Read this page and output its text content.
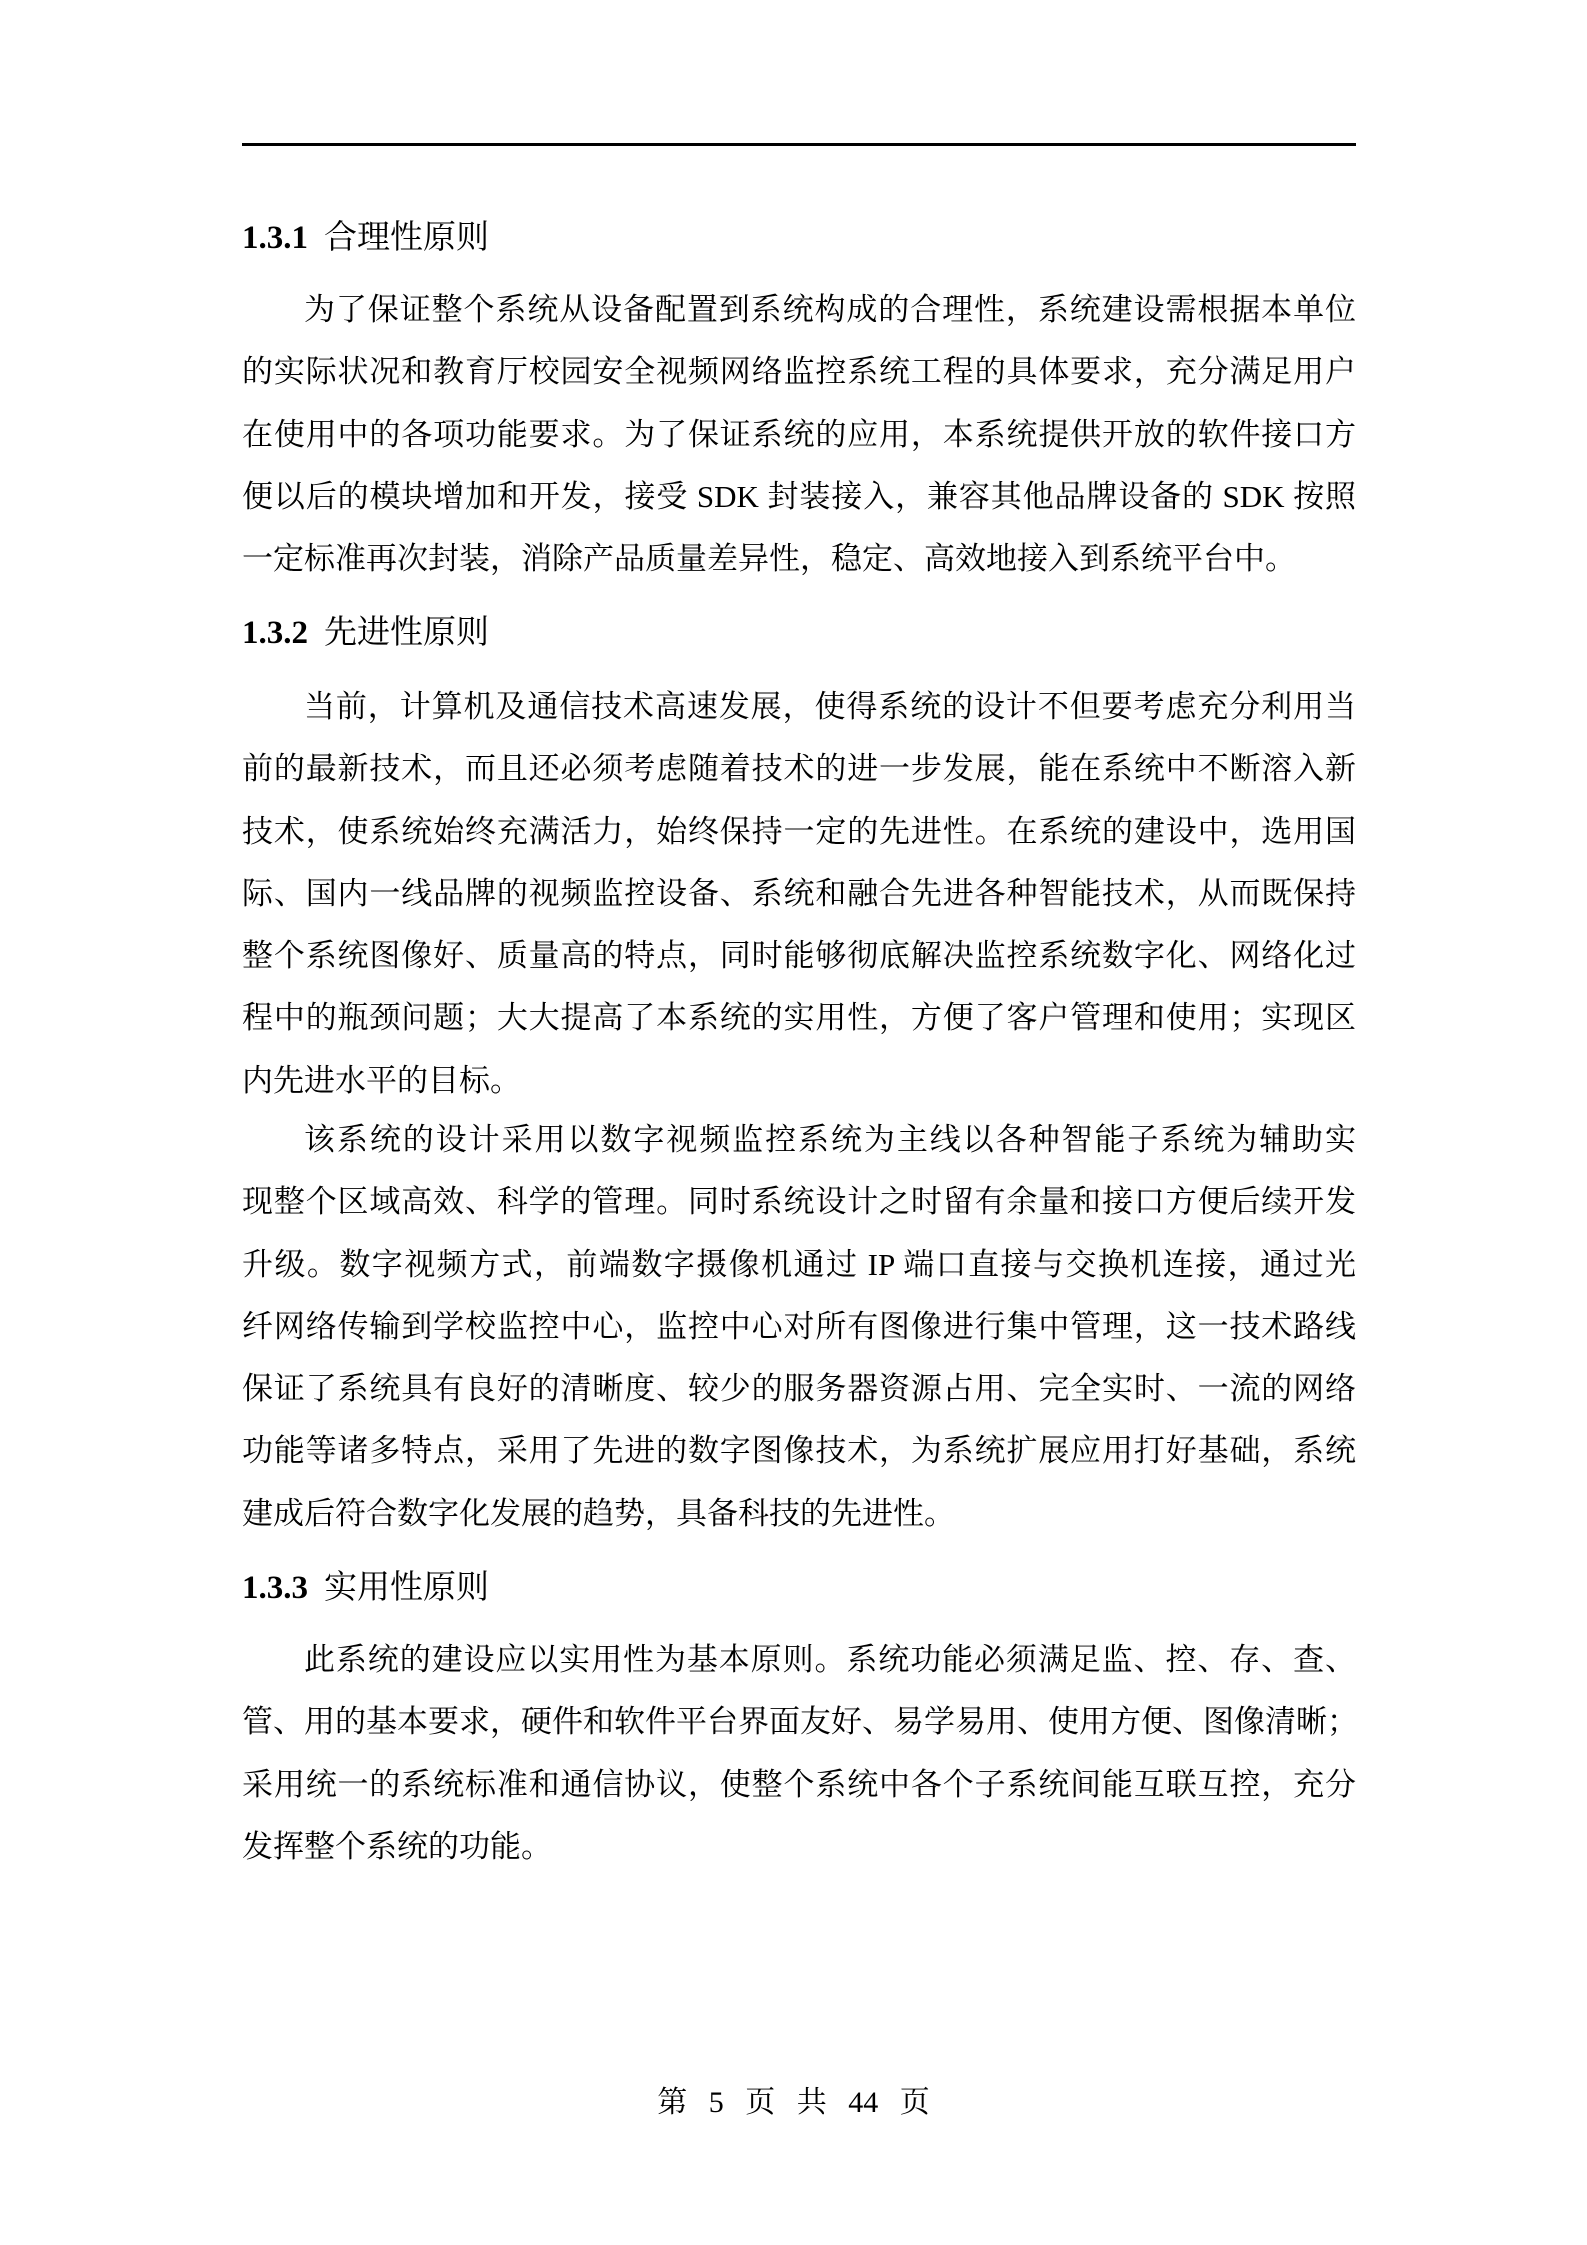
1.3.1 合理性原则
为了保证整个系统从设备配置到系统构成的合理性，系统建设需根据本单位
的实际状况和教育厅校园安全视频网络监控系统工程的具体要求，充分满足用户
在使用中的各项功能要求。为了保证系统的应用，本系统提供开放的软件接口方
便以后的模块增加和开发，接受 SDK 封装接入，兼容其他品牌设备的 SDK 按照
一定标准再次封装，消除产品质量差异性，稳定、高效地接入到系统平台中。
1.3.2 先进性原则
当前，计算机及通信技术高速发展，使得系统的设计不但要考虑充分利用当
前的最新技术，而且还必须考虑随着技术的进一步发展，能在系统中不断溶入新
技术，使系统始终充满活力，始终保持一定的先进性。在系统的建设中，选用国
际、国内一线品牌的视频监控设备、系统和融合先进各种智能技术，从而既保持
整个系统图像好、质量高的特点，同时能够彻底解决监控系统数字化、网络化过
程中的瓶颈问题；大大提高了本系统的实用性，方便了客户管理和使用；实现区
内先进水平的目标。
该系统的设计采用以数字视频监控系统为主线以各种智能子系统为辅助实
现整个区域高效、科学的管理。同时系统设计之时留有余量和接口方便后续开发
升级。数字视频方式，前端数字摄像机通过 IP 端口直接与交换机连接，通过光
纤网络传输到学校监控中心，监控中心对所有图像进行集中管理，这一技术路线
保证了系统具有良好的清晰度、较少的服务器资源占用、完全实时、一流的网络
功能等诸多特点，采用了先进的数字图像技术，为系统扩展应用打好基础，系统
建成后符合数字化发展的趋势，具备科技的先进性。
1.3.3 实用性原则
此系统的建设应以实用性为基本原则。系统功能必须满足监、控、存、查、
管、用的基本要求，硬件和软件平台界面友好、易学易用、使用方便、图像清晰；
采用统一的系统标准和通信协议，使整个系统中各个子系统间能互联互控，充分
发挥整个系统的功能。
第 5 页 共 44 页
